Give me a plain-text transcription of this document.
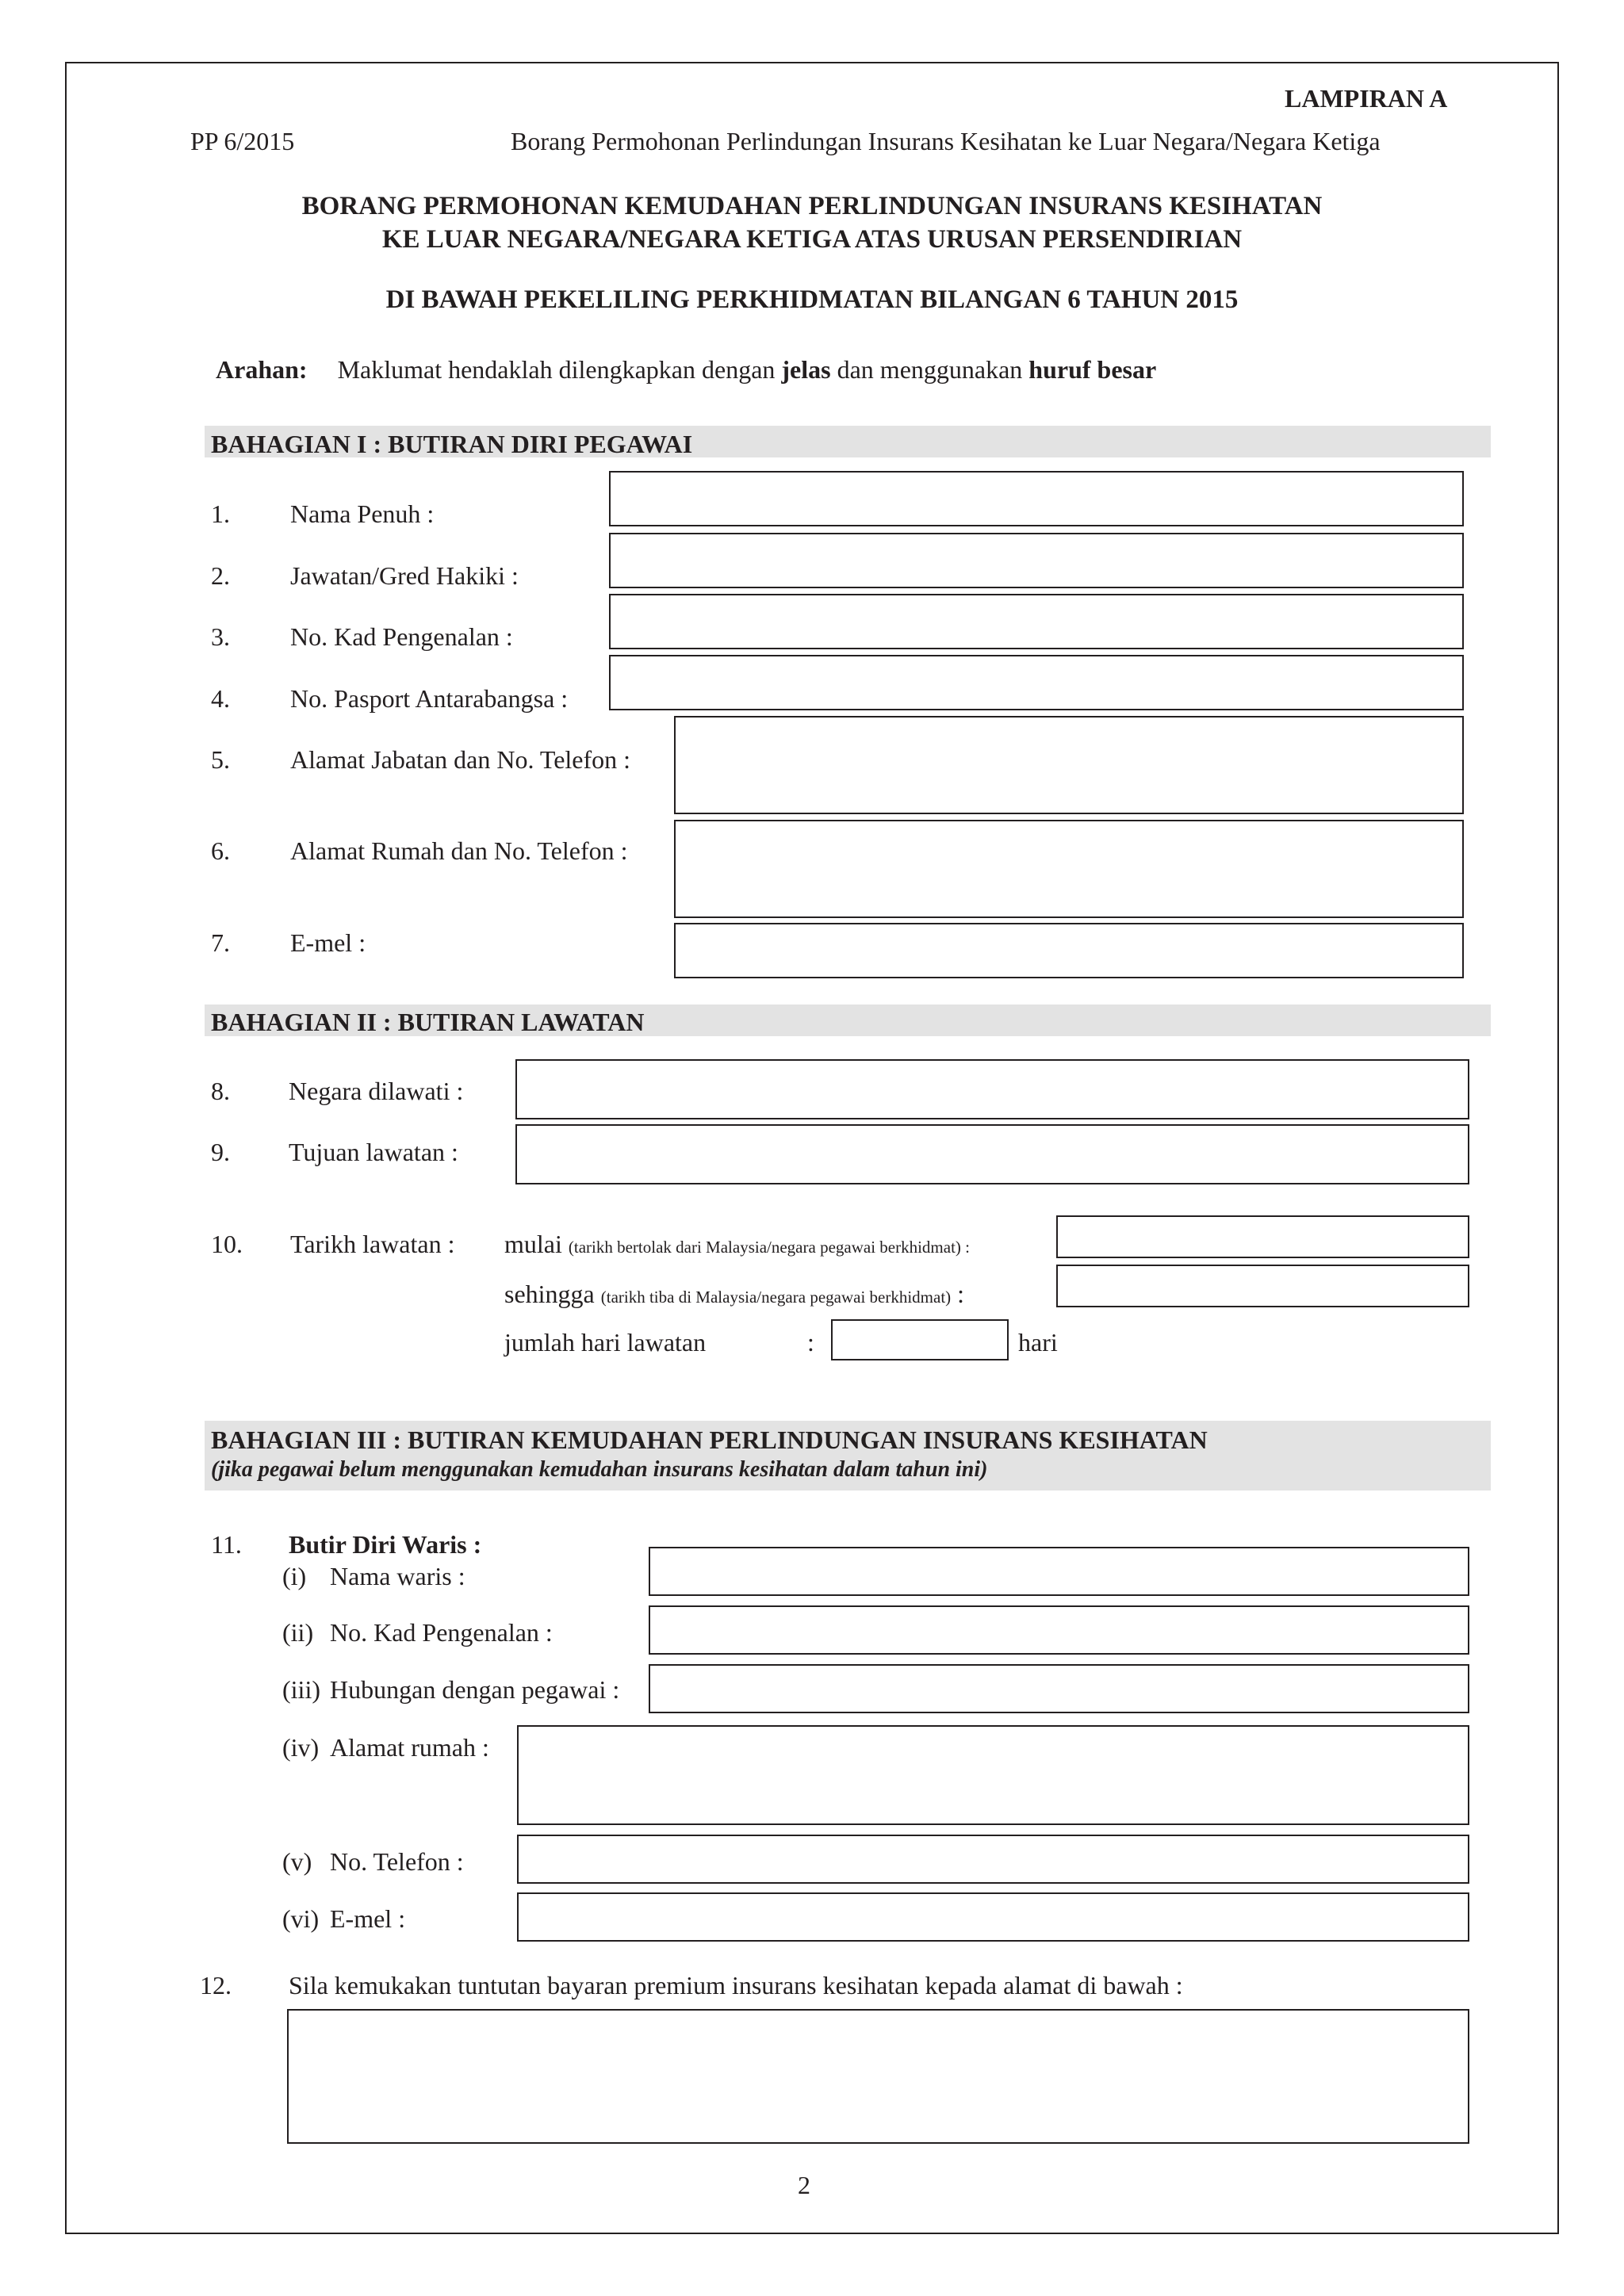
LAMPIRAN A
PP 6/2015	Borang Permohonan Perlindungan Insurans Kesihatan ke Luar Negara/Negara Ketiga
BORANG PERMOHONAN KEMUDAHAN PERLINDUNGAN INSURANS KESIHATAN
KE LUAR NEGARA/NEGARA KETIGA ATAS URUSAN PERSENDIRIAN
DI BAWAH PEKELILING PERKHIDMATAN BILANGAN 6 TAHUN 2015
Arahan: Maklumat hendaklah dilengkapkan dengan jelas dan menggunakan huruf besar
BAHAGIAN I : BUTIRAN DIRI PEGAWAI
1. Nama Penuh :
2. Jawatan/Gred Hakiki :
3. No. Kad Pengenalan :
4. No. Pasport Antarabangsa :
5. Alamat Jabatan dan No. Telefon :
6. Alamat Rumah dan No. Telefon :
7. E-mel :
BAHAGIAN II : BUTIRAN LAWATAN
8. Negara dilawati :
9. Tujuan lawatan :
10. Tarikh lawatan : mulai (tarikh bertolak dari Malaysia/negara pegawai berkhidmat) :
sehingga (tarikh tiba di Malaysia/negara pegawai berkhidmat) :
jumlah hari lawatan	:	hari
BAHAGIAN III : BUTIRAN KEMUDAHAN PERLINDUNGAN INSURANS KESIHATAN
(jika pegawai belum menggunakan kemudahan insurans kesihatan dalam tahun ini)
11. Butir Diri Waris :
(i) Nama waris :
(ii) No. Kad Pengenalan :
(iii) Hubungan dengan pegawai :
(iv) Alamat rumah :
(v) No. Telefon :
(vi) E-mel :
12. Sila kemukakan tuntutan bayaran premium insurans kesihatan kepada alamat di bawah :
2
